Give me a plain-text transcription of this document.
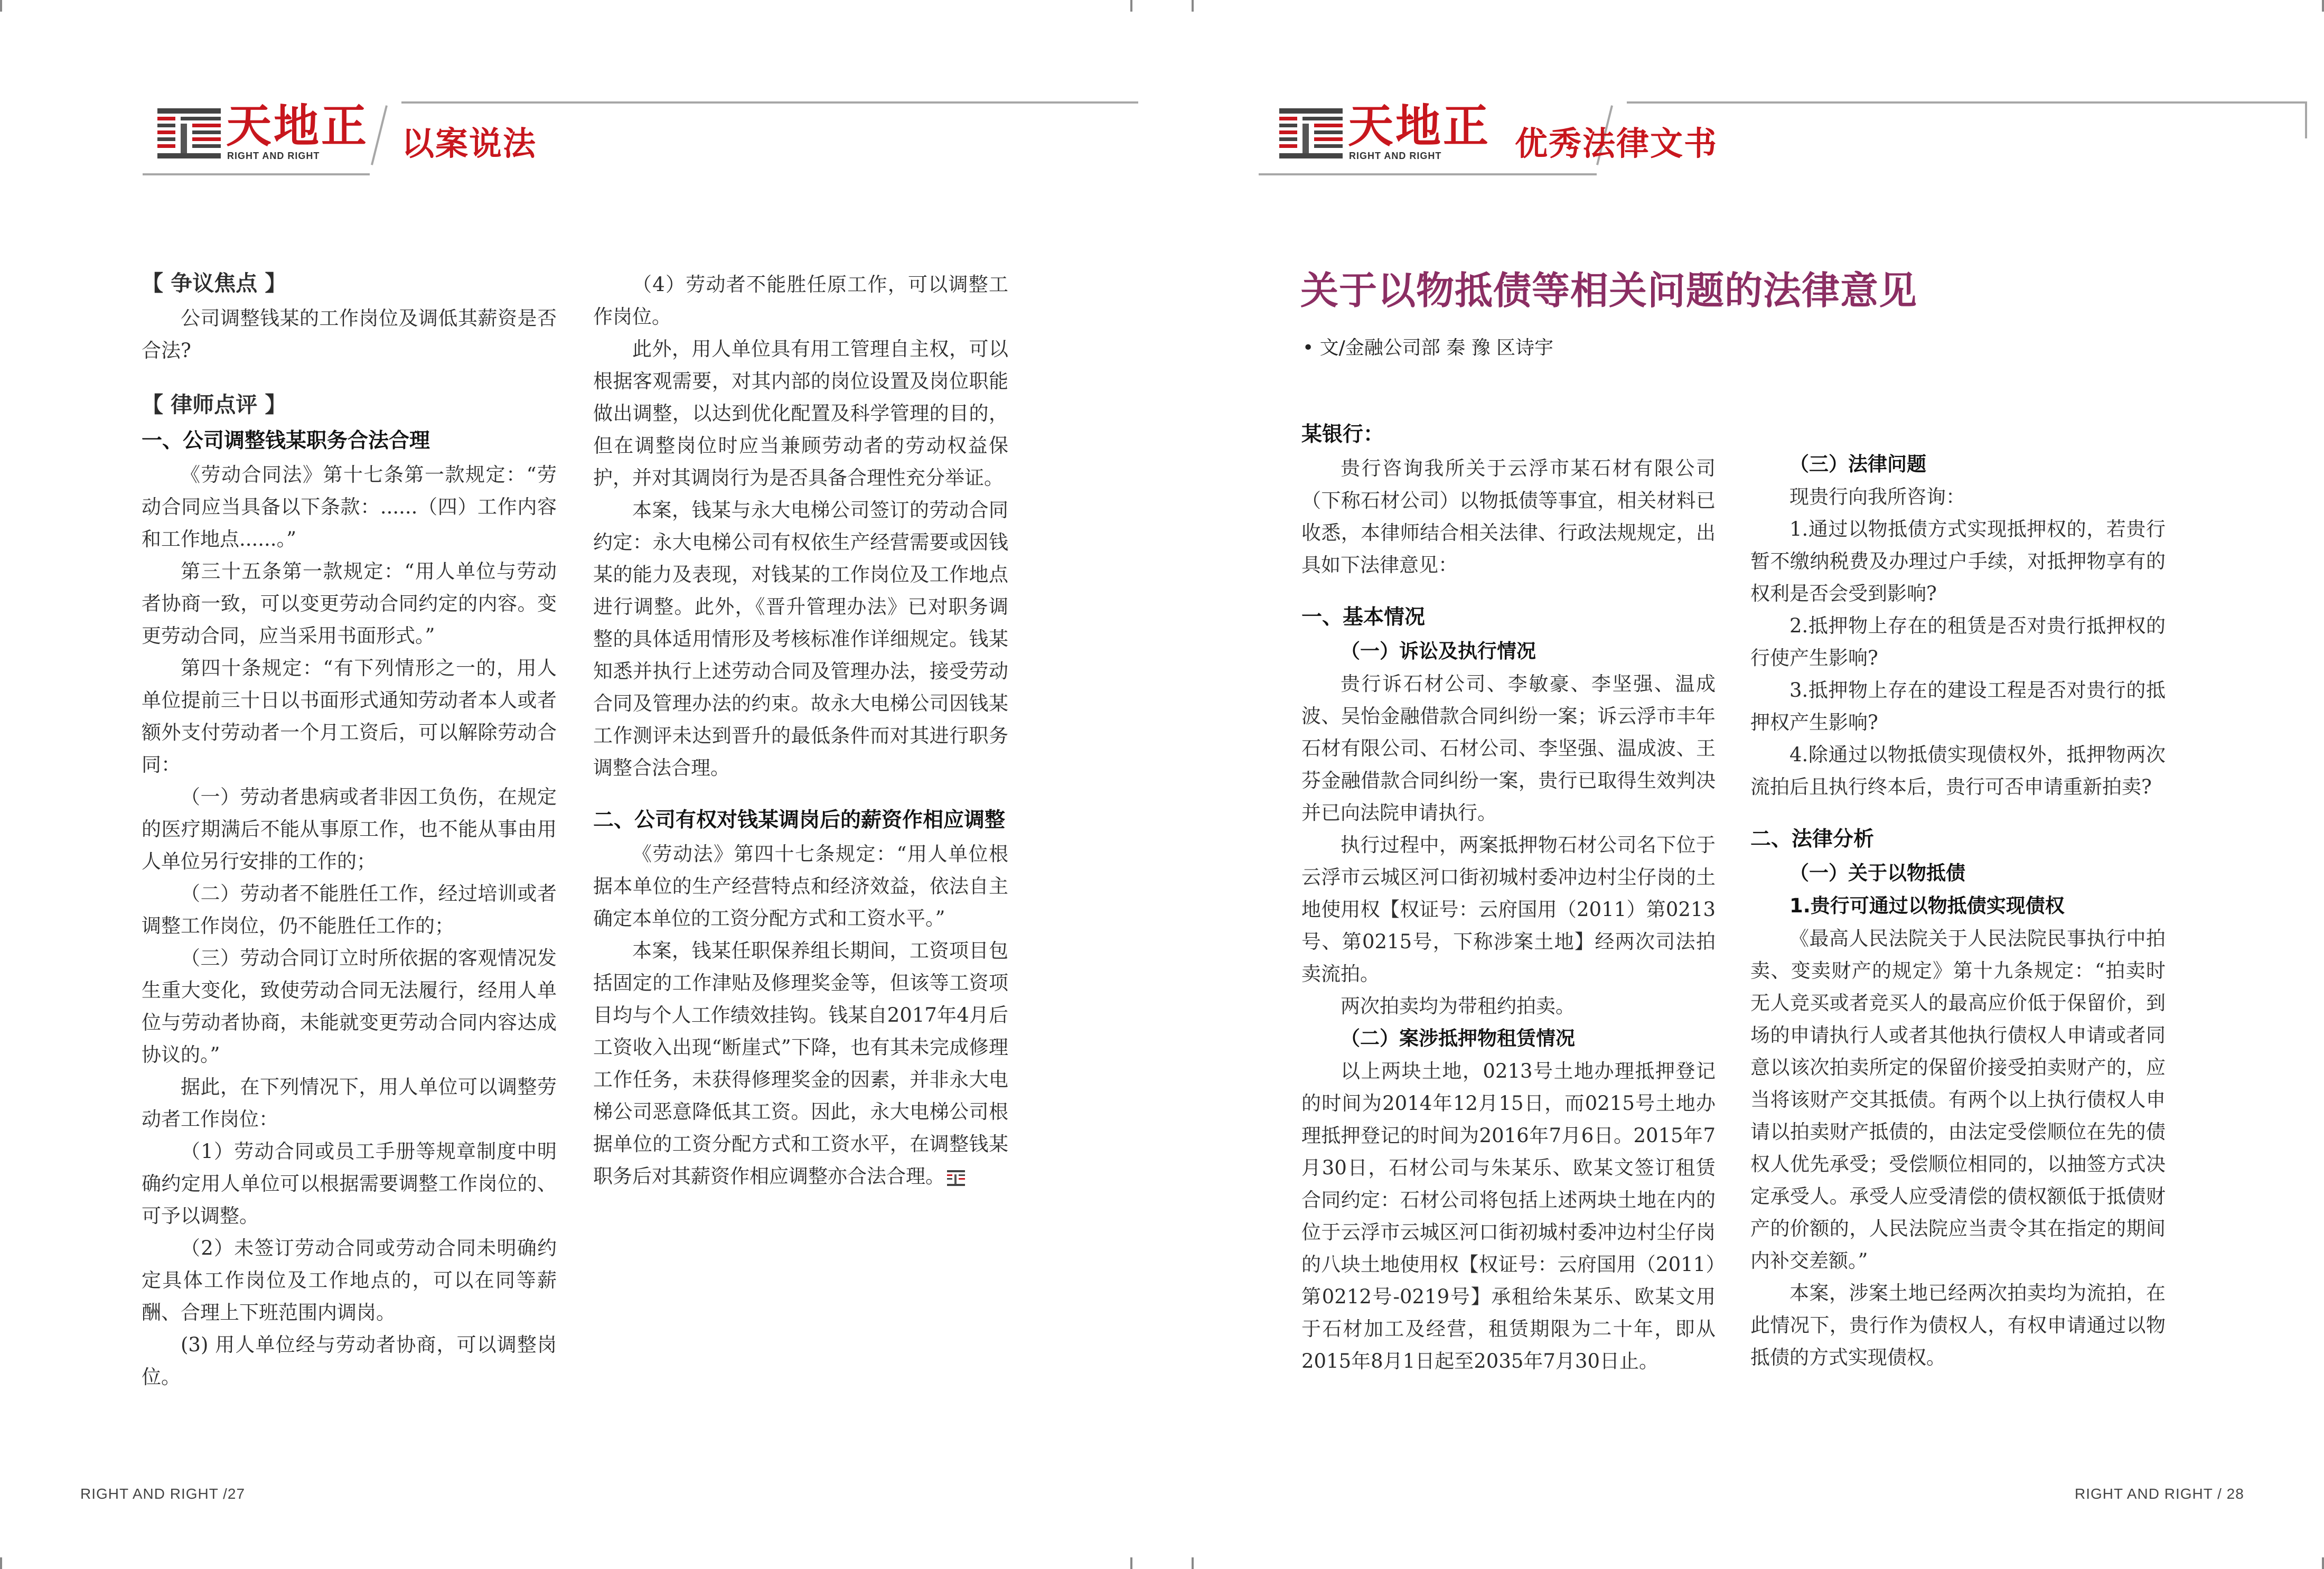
天地正
RIGHT AND RIGHT 以案说法

【 争议焦点 】

公司调整钱某的工作岗位及调低其薪资是否合法?

【 律师点评 】

一、公司调整钱某职务合法合理

《劳动合同法》第十七条第一款规定：“劳动合同应当具备以下条款：......（四）工作内容和工作地点......。”

第三十五条第一款规定：“用人单位与劳动者协商一致，可以变更劳动合同约定的内容。变更劳动合同，应当采用书面形式。”

第四十条规定：“有下列情形之一的，用人单位提前三十日以书面形式通知劳动者本人或者额外支付劳动者一个月工资后，可以解除劳动合同：

（一）劳动者患病或者非因工负伤，在规定的医疗期满后不能从事原工作，也不能从事由用人单位另行安排的工作的；

（二）劳动者不能胜任工作，经过培训或者调整工作岗位，仍不能胜任工作的；

（三）劳动合同订立时所依据的客观情况发生重大变化，致使劳动合同无法履行，经用人单位与劳动者协商，未能就变更劳动合同内容达成协议的。”

据此，在下列情况下，用人单位可以调整劳动者工作岗位：

（1）劳动合同或员工手册等规章制度中明确约定用人单位可以根据需要调整工作岗位的、可予以调整。

（2）未签订劳动合同或劳动合同未明确约定具体工作岗位及工作地点的，可以在同等薪酬、合理上下班范围内调岗。

(3) 用人单位经与劳动者协商，可以调整岗位。

（4）劳动者不能胜任原工作，可以调整工作岗位。

此外，用人单位具有用工管理自主权，可以根据客观需要，对其内部的岗位设置及岗位职能做出调整，以达到优化配置及科学管理的目的，但在调整岗位时应当兼顾劳动者的劳动权益保护，并对其调岗行为是否具备合理性充分举证。

本案，钱某与永大电梯公司签订的劳动合同约定：永大电梯公司有权依生产经营需要或因钱某的能力及表现，对钱某的工作岗位及工作地点进行调整。此外，《晋升管理办法》已对职务调整的具体适用情形及考核标准作详细规定。钱某知悉并执行上述劳动合同及管理办法，接受劳动合同及管理办法的约束。故永大电梯公司因钱某工作测评未达到晋升的最低条件而对其进行职务调整合法合理。

二、公司有权对钱某调岗后的薪资作相应调整

《劳动法》第四十七条规定：“用人单位根据本单位的生产经营特点和经济效益，依法自主确定本单位的工资分配方式和工资水平。”

本案，钱某任职保养组长期间，工资项目包括固定的工作津贴及修理奖金等，但该等工资项目均与个人工作绩效挂钩。钱某自2017年4月后工资收入出现“断崖式”下降，也有其未完成修理工作任务，未获得修理奖金的因素，并非永大电梯公司恶意降低其工资。因此，永大电梯公司根据单位的工资分配方式和工资水平，在调整钱某职务后对其薪资作相应调整亦合法合理。

RIGHT AND RIGHT /27
天地正
RIGHT AND RIGHT 优秀法律文书

某银行：

贵行咨询我所关于云浮市某石材有限公司（下称石材公司）以物抵债等事宜，相关材料已收悉，本律师结合相关法律、行政法规规定，出具如下法律意见：

一、基本情况

（一）诉讼及执行情况

贵行诉石材公司、李敏豪、李坚强、温成波、吴怡金融借款合同纠纷一案；诉云浮市丰年石材有限公司、石材公司、李坚强、温成波、王芬金融借款合同纠纷一案，贵行已取得生效判决并已向法院申请执行。

执行过程中，两案抵押物石材公司名下位于云浮市云城区河口街初城村委冲边村尘仔岗的土地使用权【权证号：云府国用（2011）第0213号、第0215号，下称涉案土地】经两次司法拍卖流拍。

两次拍卖均为带租约拍卖。

（二）案涉抵押物租赁情况

以上两块土地，0213号土地办理抵押登记的时间为2014年12月15日，而0215号土地办理抵押登记的时间为2016年7月6日。2015年7月30日，石材公司与朱某乐、欧某文签订租赁合同约定：石材公司将包括上述两块土地在内的位于云浮市云城区河口街初城村委冲边村尘仔岗的八块土地使用权【权证号：云府国用（2011）第0212号-0219号】承租给朱某乐、欧某文用于石材加工及经营，租赁期限为二十年，即从2015年8月1日起至2035年7月30日止。

（三）法律问题

现贵行向我所咨询：

1.通过以物抵债方式实现抵押权的，若贵行暂不缴纳税费及办理过户手续，对抵押物享有的权利是否会受到影响?

2.抵押物上存在的租赁是否对贵行抵押权的行使产生影响?

3.抵押物上存在的建设工程是否对贵行的抵押权产生影响?

4.除通过以物抵债实现债权外，抵押物两次流拍后且执行终本后，贵行可否申请重新拍卖?

二、法律分析

（一）关于以物抵债

1.贵行可通过以物抵债实现债权

《最高人民法院关于人民法院民事执行中拍卖、变卖财产的规定》第十九条规定：“拍卖时无人竞买或者竞买人的最高应价低于保留价，到场的申请执行人或者其他执行债权人申请或者同意以该次拍卖所定的保留价接受拍卖财产的，应当将该财产交其抵债。有两个以上执行债权人申请以拍卖财产抵债的，由法定受偿顺位在先的债权人优先承受；受偿顺位相同的，以抽签方式决定承受人。承受人应受清偿的债权额低于抵债财产的价额的，人民法院应当责令其在指定的期间内补交差额。”

本案，涉案土地已经两次拍卖均为流拍，在此情况下，贵行作为债权人，有权申请通过以物抵债的方式实现债权。

RIGHT AND RIGHT / 28
关于以物抵债等相关问题的法律意见
• 文/金融公司部 秦 豫 区诗宇
